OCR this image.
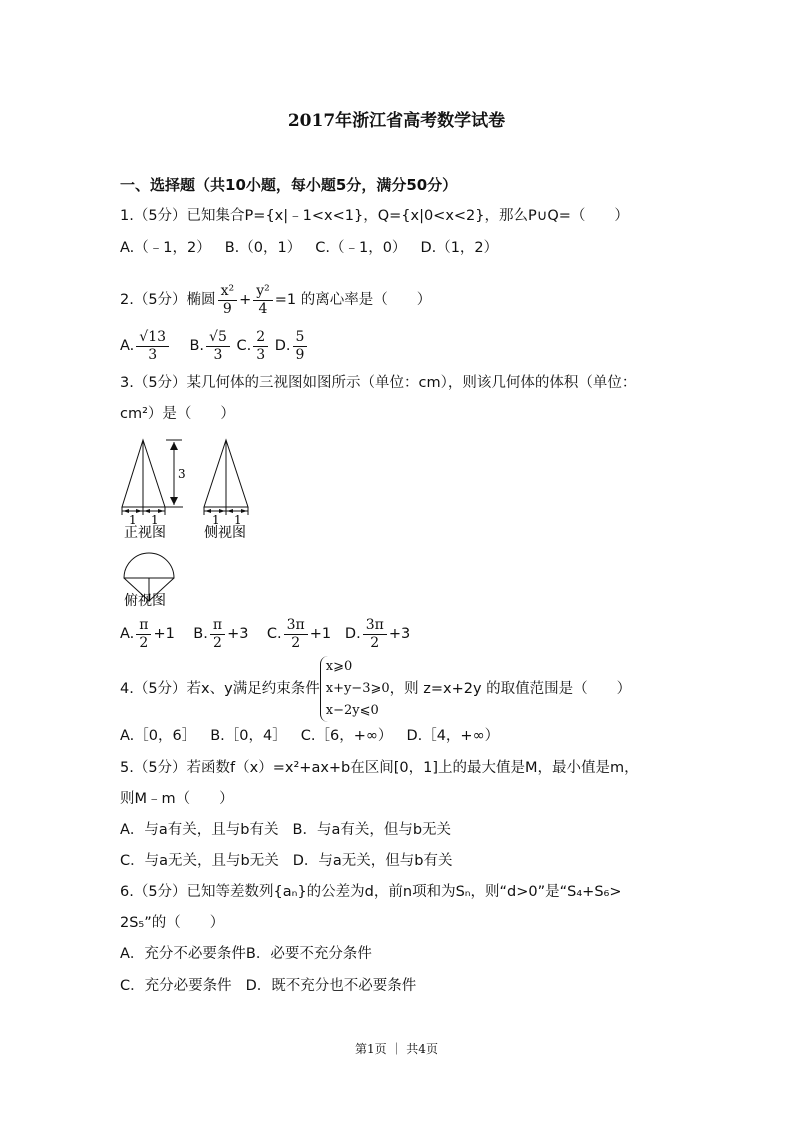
2017年浙江省高考数学试卷
一、选择题（共10小题，每小题5分，满分50分）
1.（5分）已知集合P={x|﹣1<x<1}，Q={x|0<x<2}，那么P∪Q=（　　）
A.（﹣1，2） B.（0，1） C.（﹣1，0） D.（1，2）
2.（5分）椭圆 $\frac{\text{x²}}{9} + \frac{\text{y²}}{4} =1$ 的离心率是（　　）
A. $\frac{√13}{3} B$. $\frac{√5}{3} C$. $\frac{2}{3} D$. $\frac{5}{9}$
3.（5分）某几何体的三视图如图所示（单位：cm），则该几何体的体积（单位：
cm²）是（　　）
3
1 1	1 1
正视图	侧视图
俯视图
A. $\frac{\pi}{2} +1$ B. $\frac{\pi}{2} +3$ C. $\frac{3\pi}{2} +1$ D. $\frac{3\pi}{2} +3$
4.（5分）若x、y满足约束条件x⩾0
x+y−3⩾0
x−2y⩽0，则 z=x+2y 的取值范围是（　　）
A.［0，6］ B.［0，4］ C.［6，+∞） D.［4，+∞）
5.（5分）若函数f（x）=x²+ax+b在区间[0，1]上的最大值是M，最小值是m，
则M﹣m（　　）
A．与a有关，且与b有关 B．与a有关，但与b无关
C．与a无关，且与b无关 D．与a无关，但与b有关
6.（5分）已知等差数列{aₙ}的公差为d，前n项和为Sₙ，则“d>0”是“S₄+S₆>
2S₅”的（　　）
A．充分不必要条件B．必要不充分条件
C．充分必要条件 D．既不充分也不必要条件
第1页 ｜ 共4页
